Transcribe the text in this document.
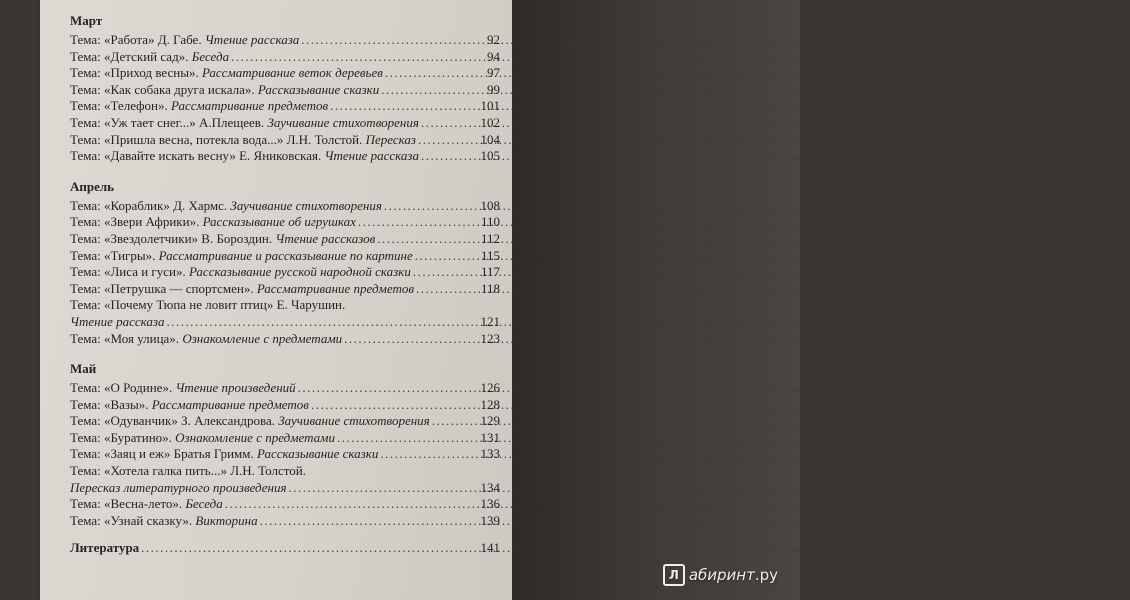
Март
Тема: «Работа» Д. Габе. Чтение рассказа .....	92
Тема: «Детский сад». Беседа .....	94
Тема: «Приход весны». Рассматривание веток деревьев .....	97
Тема: «Как собака друга искала». Рассказывание сказки .....	99
Тема: «Телефон». Рассматривание предметов .....	101
Тема: «Уж тает снег...» А.Плещеев. Заучивание стихотворения .....	102
Тема: «Пришла весна, потекла вода...» Л.Н. Толстой. Пересказ .....	104
Тема: «Давайте искать весну» Е. Яниковская. Чтение рассказа .....	105
Апрель
Тема: «Кораблик» Д. Хармс. Заучивание стихотворения .....	108
Тема: «Звери Африки». Рассказывание об игрушках .....	110
Тема: «Звездолетчики» В. Бороздин. Чтение рассказов .....	112
Тема: «Тигры». Рассматривание и рассказывание по картине .....	115
Тема: «Лиса и гуси». Рассказывание русской народной сказки .....	117
Тема: «Петрушка — спортсмен». Рассматривание предметов .....	118
Тема: «Почему Тюпа не ловит птиц» Е. Чарушин.
Чтение рассказа .....	121
Тема: «Моя улица». Ознакомление с предметами .....	123
Май
Тема: «О Родине». Чтение произведений .....	126
Тема: «Вазы». Рассматривание предметов .....	128
Тема: «Одуванчик» З. Александрова. Заучивание стихотворения .....	129
Тема: «Буратино». Ознакомление с предметами .....	131
Тема: «Заяц и еж» Братья Гримм. Рассказывание сказки .....	133
Тема: «Хотела галка пить...» Л.Н. Толстой.
Пересказ литературного произведения .....	134
Тема: «Весна-лето». Беседа .....	136
Тема: «Узнай сказку». Викторина .....	139
Литература .....	141
Л абиринт.ру
